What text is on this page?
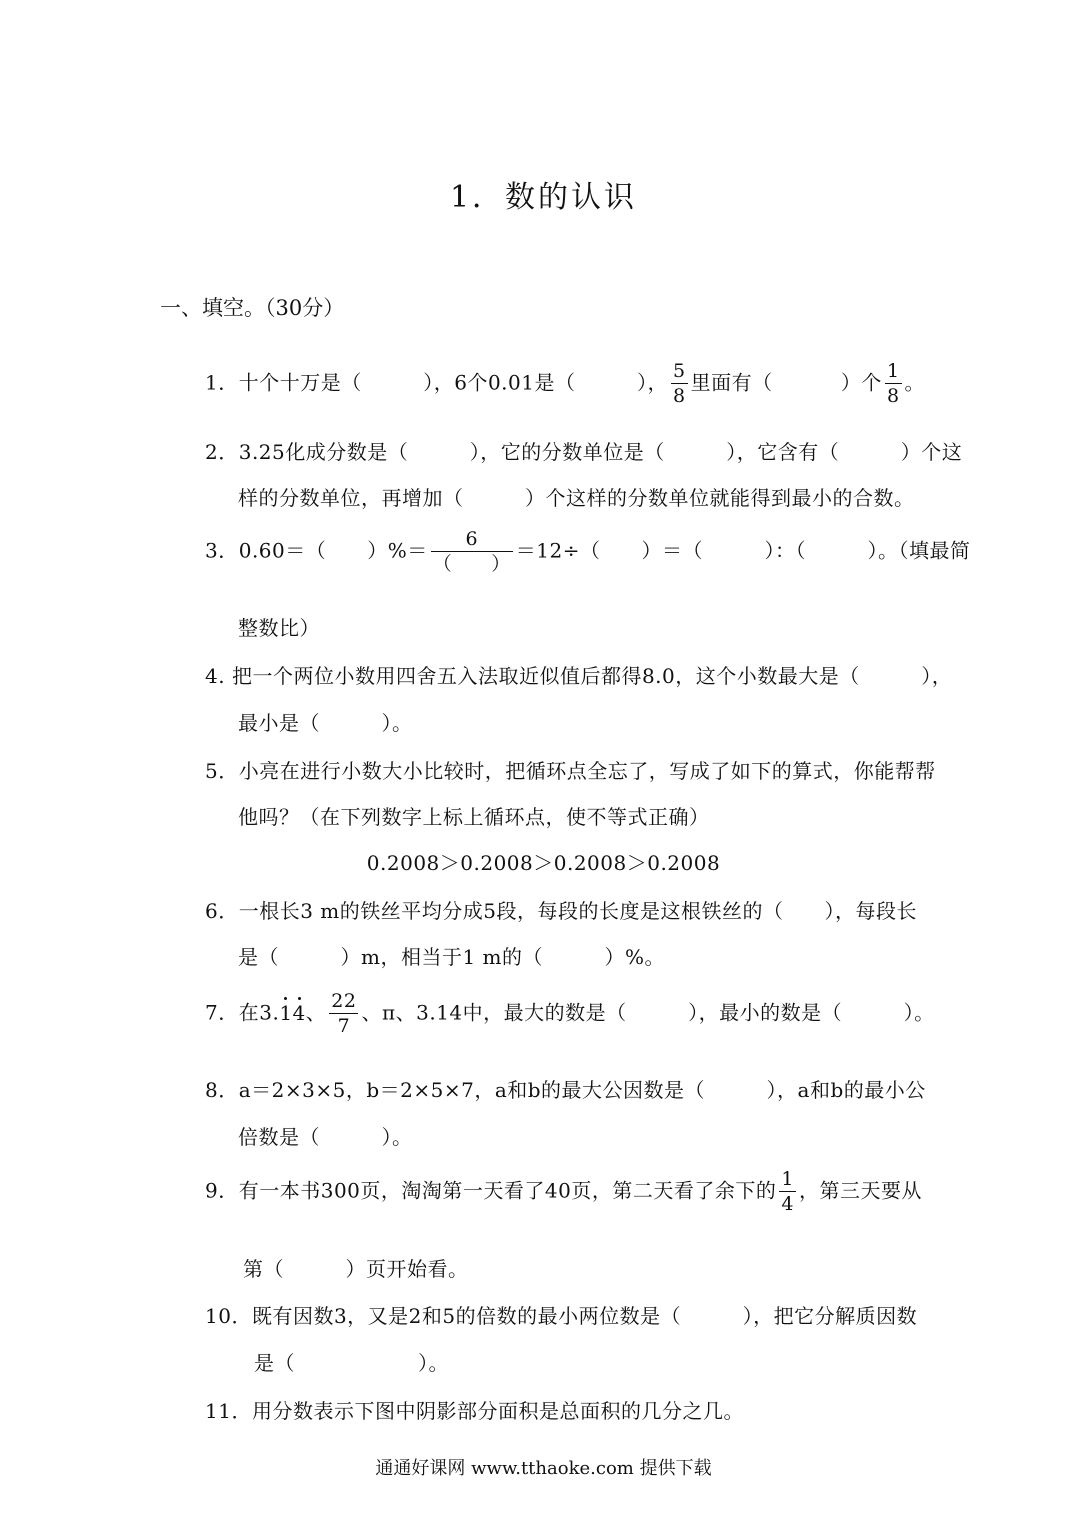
1．数的认识
一、填空。（30分）
1．十个十万是（　　　），6个0.01是（　　　）， $\frac{5}{8}$ 里面有（　　　 ）个 $\frac{1}{8}$ 。
2．3.25化成分数是（　　　），它的分数单位是（　　　），它含有（　　　）个这
样的分数单位，再增加（　　　）个这样的分数单位就能得到最小的合数。
3．0.60＝（　　）%＝ $\frac{6}{( )} =12\div$（　　）＝（　　　）：（　　　）。（填最简
整数比）
4. 把一个两位小数用四舍五入法取近似值后都得8.0，这个小数最大是（　　　），
最小是（　　　）。
5．小亮在进行小数大小比较时，把循环点全忘了，写成了如下的算式，你能帮帮
他吗？（在下列数字上标上循环点，使不等式正确）
0.2008＞0.2008＞0.2008＞0.2008
6．一根长3 m的铁丝平均分成5段，每段的长度是这根铁丝的（　　），每段长
是（　　　）m，相当于1 m的（　　　）%。
7．在3.14、 $\frac{22}{7}$ 、π、3.14中，最大的数是（　　　），最小的数是（　　　）。
8．a＝2×3×5，b＝2×5×7，a和b的最大公因数是（　　　），a和b的最小公
倍数是（　　　）。
9．有一本书300页，淘淘第一天看了40页，第二天看了余下的 $\frac{1}{4}$ ，第三天要从
第（　　　）页开始看。
10．既有因数3，又是2和5的倍数的最小两位数是（　　　），把它分解质因数
是（　　　　　　）。
11．用分数表示下图中阴影部分面积是总面积的几分之几。
通通好课网 www.tthaoke.com 提供下载
